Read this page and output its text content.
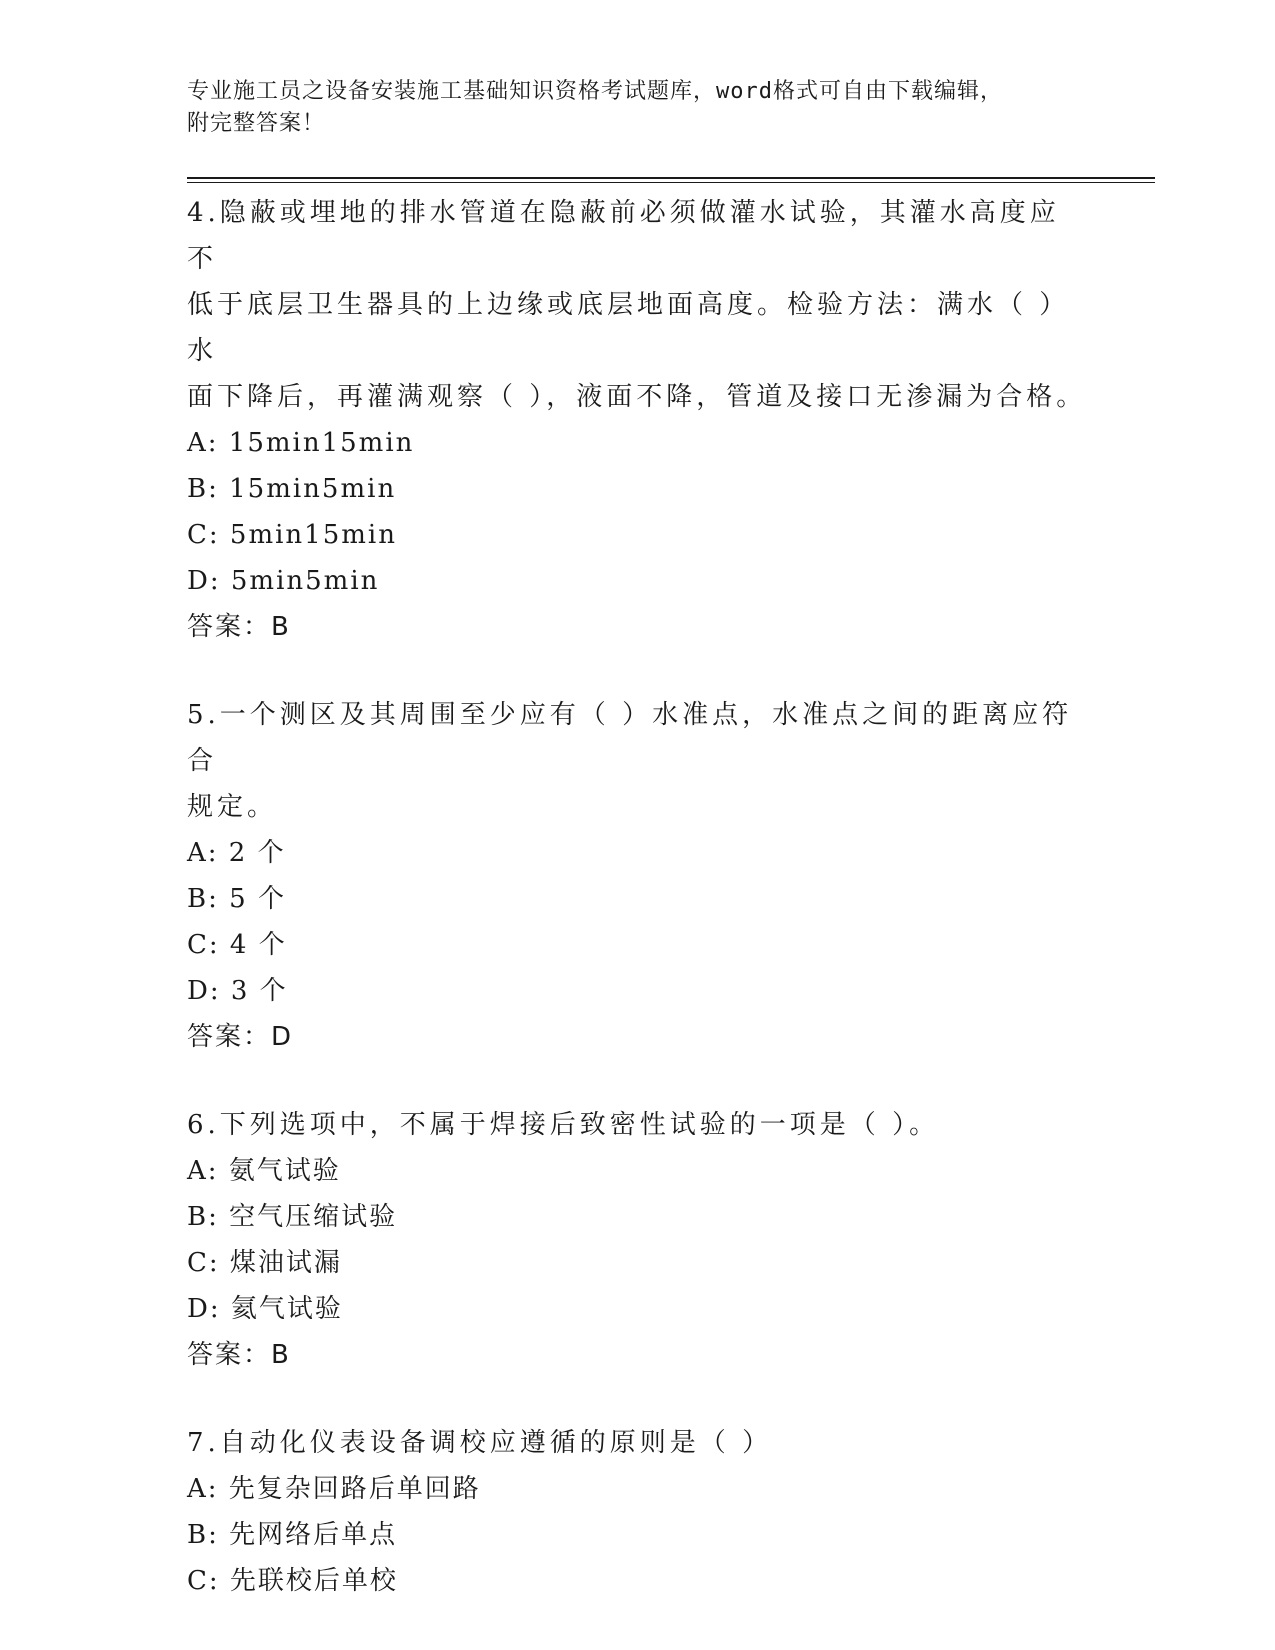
专业施工员之设备安装施工基础知识资格考试题库，word格式可自由下载编辑，
附完整答案！

4.隐蔽或埋地的排水管道在隐蔽前必须做灌水试验，其灌水高度应不

低于底层卫生器具的上边缘或底层地面高度。检验方法：满水（ ）水

面下降后，再灌满观察（ ），液面不降，管道及接口无渗漏为合格。

A: 15min15min

B: 15min5min

C: 5min15min

D: 5min5min

答案：B

5.一个测区及其周围至少应有（ ）水准点，水准点之间的距离应符合

规定。

A: 2 个

B: 5 个

C: 4 个

D: 3 个

答案：D

6.下列选项中，不属于焊接后致密性试验的一项是（ ）。

A: 氨气试验

B: 空气压缩试验

C: 煤油试漏

D: 氦气试验

答案：B

7.自动化仪表设备调校应遵循的原则是（ ）

A: 先复杂回路后单回路

B: 先网络后单点

C: 先联校后单校
